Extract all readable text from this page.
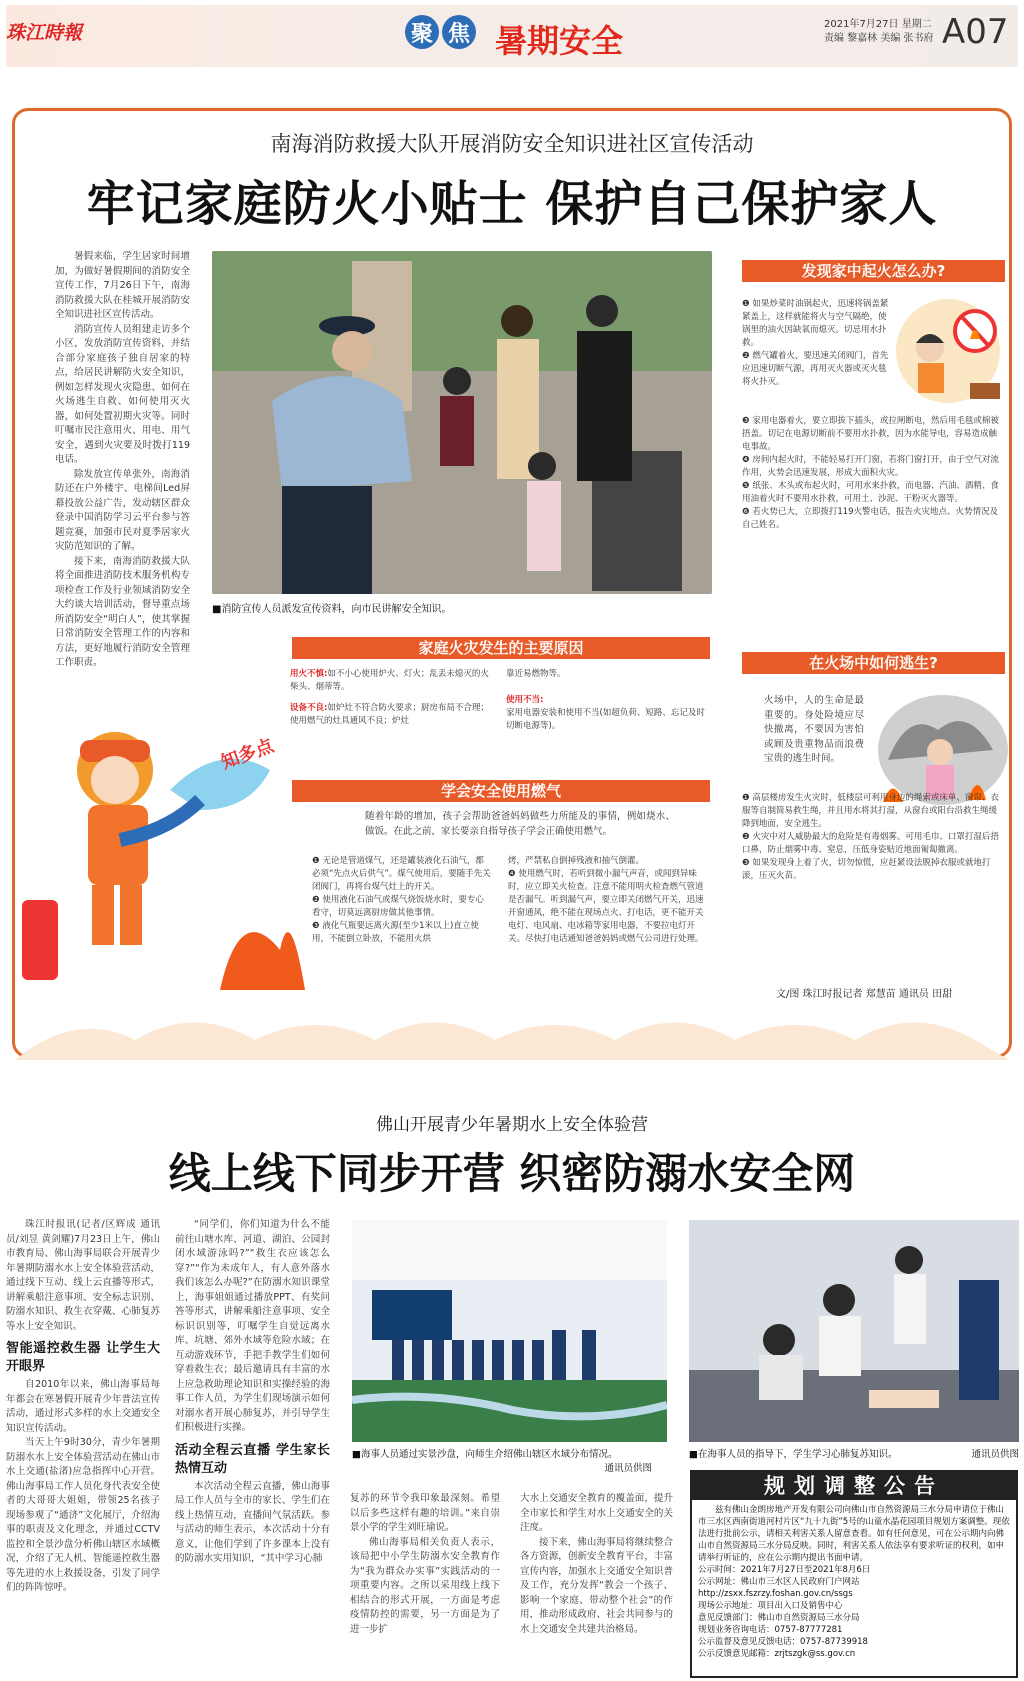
珠江時報	聚 焦 暑期安全	2021年7月27日 星期二
责编 黎嘉林 美编 张书府 A07
南海消防救援大队开展消防安全知识进社区宣传活动
牢记家庭防火小贴士 保护自己保护家人

暑假来临，学生居家时间增加，为做好暑假期间的消防安全宣传工作，7月26日下午，南海消防救援大队在桂城开展消防安全知识进社区宣传活动。

消防宣传人员组建走访多个小区，发放消防宣传资料，并结合部分家庭孩子独自居家的特点，给居民讲解防火安全知识，例如怎样发现火灾隐患、如何在火场逃生自救、如何使用灭火器，如何处置初期火灾等。同时叮嘱市民注意用火、用电、用气安全，遇到火灾要及时拨打119电话。

除发放宣传单张外，南海消防还在户外楼宇、电梯间Led屏幕投放公益广告，发动辖区群众登录中国消防学习云平台参与答题竞赛，加强市民对夏季居家火灾防范知识的了解。

接下来，南海消防救援大队将全面推进消防技术服务机构专项检查工作及行业领域消防安全大约谈大培训活动，督导重点场所消防安全“明白人”，使其掌握日常消防安全管理工作的内容和方法，更好地履行消防安全管理工作职责。

■消防宣传人员派发宣传资料，向市民讲解安全知识。
发现家中起火怎么办?

❶ 如果炒菜时油锅起火，迅速将锅盖紧紧盖上，这样就能将火与空气隔绝，使锅里的油火因缺氧而熄灭。切忌用水扑救。

❷ 燃气罐着火，要迅速关闭阀门，首先应迅速切断气源，再用灭火器或灭火毯将火扑灭。

❸ 家用电器着火，要立即拔下插头，或拉闸断电，然后用毛毯或棉被捂盖。切记在电源切断前不要用水扑救，因为水能导电，容易造成触电事故。

❹ 房间内起火时，不能轻易打开门窗，若将门窗打开，由于空气对流作用，火势会迅速发展，形成大面积火灾。

❺ 纸张、木头或布起火时，可用水来扑救，而电器、汽油、酒精、食用油着火时不要用水扑救，可用土、沙泥、干粉灭火器等。

❻ 若火势已大，立即拨打119火警电话，报告火灾地点、火势情况及自己姓名。

家庭火灾发生的主要原因

用火不慎:如不小心使用炉火、灯火；乱丢未熄灭的火柴头、烟蒂等。

靠近易燃物等。

设备不良:如炉灶不符合防火要求；厨房布局不合理；使用燃气的灶具通风不良；炉灶

使用不当:
家用电器安装和使用不当(如超负荷、短路、忘记及时切断电源等)。

学会安全使用燃气
随着年龄的增加，孩子会帮助爸爸妈妈做些力所能及的事情，例如烧水、做饭。在此之前，家长要亲自指导孩子学会正确使用燃气。

❶ 无论是管道煤气，还是罐装液化石油气，都必须“先点火后供气”。煤气使用后，要随手先关闭阀门，再将台煤气灶上的开关。

❷ 使用液化石油气或煤气烧饭烧水时，要专心看守，切莫远离厨房做其他事情。

❸ 液化气瓶要远离火源(至少1米以上)直立使用，不能倒立卧放，不能用火烘

烤，严禁私自倒掉残液和抽气倒灌。

❹ 使用燃气时，若听到微小漏气声音，或闻到异味时，应立即关火检查。注意不能用明火检查燃气管道是否漏气。听到漏气声，要立即关闭燃气开关，迅速开窗通风，绝不能在现场点火、打电话，更不能开关电灯、电风扇、电冰箱等家用电器，不要拉电灯开关。尽快打电话通知爸爸妈妈或燃气公司进行处理。

在火场中如何逃生?
火场中，人的生命是最重要的。身处险境应尽快撤离，不要因为害怕或顾及贵重物品而浪费宝贵的逃生时间。

❶ 高层楼房发生火灾时，低楼层可利用身边的绳索或床单、窗帘、衣服等自制简易救生绳，并且用水将其打湿，从窗台或阳台沿救生绳缓降到地面，安全逃生。

❷ 火灾中对人威胁最大的危险是有毒烟雾。可用毛巾、口罩打湿后捂口鼻，防止烟雾中毒、窒息，压低身姿贴近地面匍匐撤离。

❸ 如果发现身上着了火，切勿惊慌，应赶紧设法脱掉衣服或就地打滚，压灭火苗。

文/图 珠江时报记者 郑慧苗 通讯员 田甜
知多点
佛山开展青少年暑期水上安全体验营
线上线下同步开营 织密防溺水安全网

珠江时报讯(记者/区辉成 通讯员/刘昱 黄剑耀)7月23日上午，佛山市教育局、佛山海事局联合开展青少年暑期防溺水水上安全体验营活动，通过线下互动、线上云直播等形式，讲解乘船注意事项、安全标志识别、防溺水知识、救生衣穿戴、心肺复苏等水上安全知识。

智能遥控救生器 让学生大开眼界

自2010年以来，佛山海事局每年都会在寒暑假开展青少年普法宣传活动，通过形式多样的水上交通安全知识宣传活动。

当天上午9时30分，青少年暑期防溺水水上安全体验营活动在佛山市水上交通(盐渚)应急指挥中心开营。佛山海事局工作人员化身代表安全使者的大哥哥大姐姐，带领25名孩子现场参观了“通济”文化展厅，介绍海事的职责及文化理念，并通过CCTV监控和全景沙盘分析佛山辖区水域概况，介绍了无人机、智能遥控救生器等先进的水上救援设备，引发了同学们的阵阵惊呼。

“同学们，你们知道为什么不能前往山塘水库、河道、湖泊、公园封闭水域游泳吗?”“救生衣应该怎么穿?”“作为未成年人，有人意外落水我们该怎么办呢?”在防溺水知识课堂上，海事姐姐通过播放PPT、有奖问答等形式，讲解乘船注意事项、安全标识识别等，叮嘱学生自觉远离水库、坑塘、郊外水域等危险水域；在互动游戏环节，手把手教学生们如何穿着救生衣；最后邀请具有丰富的水上应急救助理论知识和实操经验的海事工作人员，为学生们现场演示如何对溺水者开展心肺复苏，并引导学生们积极进行实操。

活动全程云直播 学生家长热情互动

本次活动全程云直播，佛山海事局工作人员与全市的家长、学生们在线上热情互动，直播间气氛活跃。参与活动的师生表示，本次活动十分有意义，让他们学到了许多课本上没有的防溺水实用知识，“其中学习心肺

■海事人员通过实景沙盘，向师生介绍佛山辖区水域分布情况。
通讯员供图
■在海事人员的指导下，学生学习心肺复苏知识。	通讯员供图

复苏的环节令我印象最深刻。希望以后多些这样有趣的培训。”来自崇景小学的学生刘旺瑜说。

佛山海事局相关负责人表示，该局把中小学生防溺水安全教育作为“我为群众办实事”实践活动的一项重要内容。之所以采用线上线下相结合的形式开展，一方面是考虑疫情防控的需要，另一方面是为了进一步扩

大水上交通安全教育的覆盖面，提升全市家长和学生对水上交通安全的关注度。

接下来，佛山海事局将继续整合各方资源，创新安全教育平台，丰富宣传内容，加强水上交通安全知识普及工作，充分发挥“教会一个孩子、影响一个家庭、带动整个社会”的作用，推动形成政府、社会共同参与的水上交通安全共建共治格局。

规划调整公告

兹有佛山金朗房地产开发有限公司向佛山市自然资源局三水分局申请位于佛山市三水区西南街道河村片区“九十九街”5号的山童水晶花园项目规划方案调整。现依法进行批前公示，请相关利害关系人留意查看。如有任何意见，可在公示期内向佛山市自然资源局三水分局反映。同时，利害关系人依法享有要求听证的权利，如申请举行听证的，应在公示期内提出书面申请。

公示时间：2021年7月27日至2021年8月6日

公示网址：佛山市三水区人民政府门户网站

http://zsxx.fszrzy.foshan.gov.cn/ssgs

现场公示地址：项目出入口及销售中心

意见反馈部门：佛山市自然资源局三水分局

规划业务咨询电话：0757-87777281

公示监督及意见反馈电话：0757-87739918

公示反馈意见邮箱：zrjtszgk@ss.gov.cn
